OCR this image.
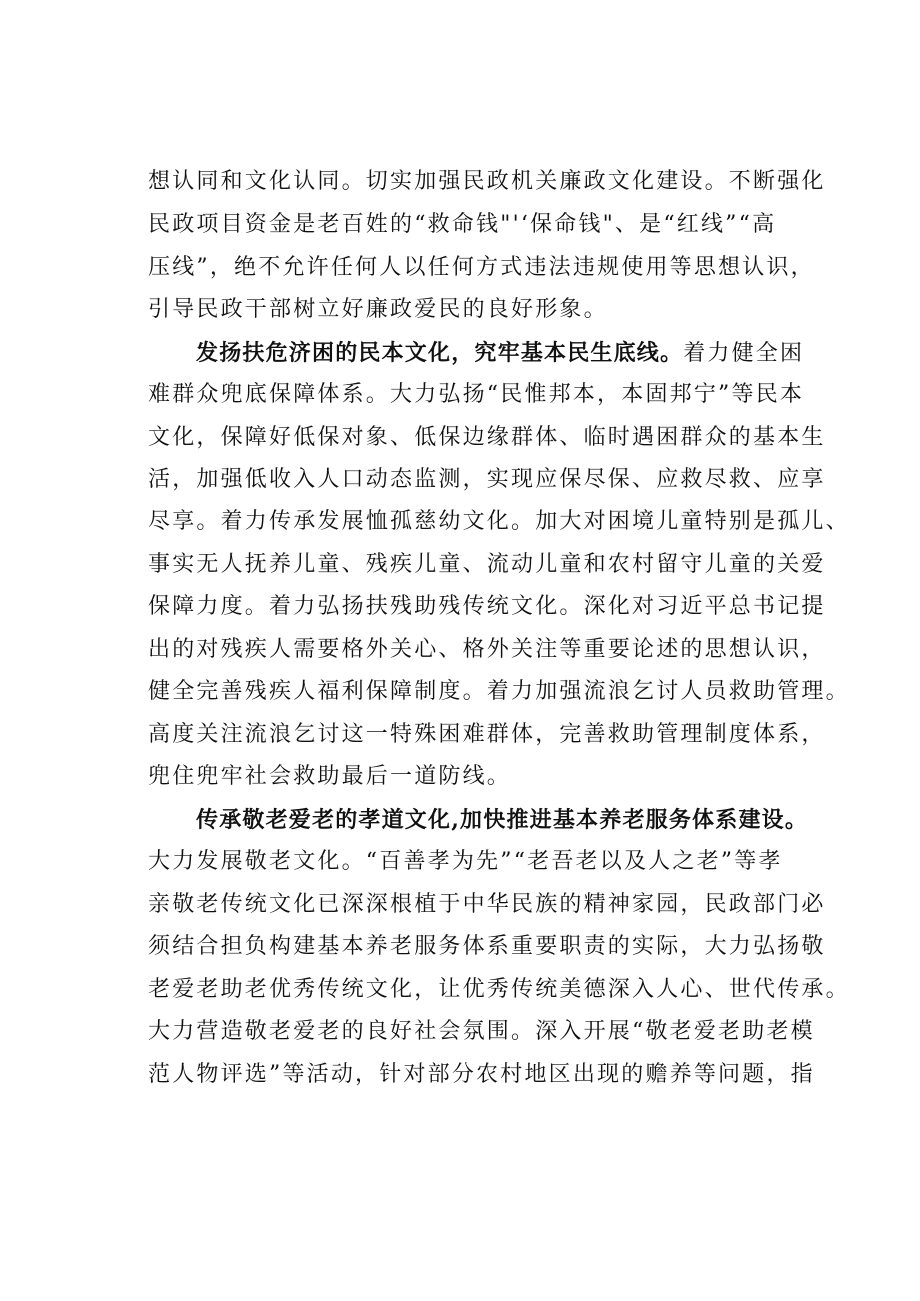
想认同和文化认同。切实加强民政机关廉政文化建设。不断强化
民政项目资金是老百姓的“救命钱"'‘保命钱"、是“红线”“高
压线”，绝不允许任何人以任何方式违法违规使用等思想认识，
引导民政干部树立好廉政爱民的良好形象。
发扬扶危济困的民本文化，究牢基本民生底线。着力健全困
难群众兜底保障体系。大力弘扬“民惟邦本，本固邦宁”等民本
文化，保障好低保对象、低保边缘群体、临时遇困群众的基本生
活，加强低收入人口动态监测，实现应保尽保、应救尽救、应享
尽享。着力传承发展恤孤慈幼文化。加大对困境儿童特别是孤儿、
事实无人抚养儿童、残疾儿童、流动儿童和农村留守儿童的关爱
保障力度。着力弘扬扶残助残传统文化。深化对习近平总书记提
出的对残疾人需要格外关心、格外关注等重要论述的思想认识，
健全完善残疾人福利保障制度。着力加强流浪乞讨人员救助管理。
高度关注流浪乞讨这一特殊困难群体，完善救助管理制度体系，
兜住兜牢社会救助最后一道防线。
传承敬老爱老的孝道文化,加快推进基本养老服务体系建设。
大力发展敬老文化。“百善孝为先”“老吾老以及人之老”等孝
亲敬老传统文化已深深根植于中华民族的精神家园，民政部门必
须结合担负构建基本养老服务体系重要职责的实际，大力弘扬敬
老爱老助老优秀传统文化，让优秀传统美德深入人心、世代传承。
大力营造敬老爱老的良好社会氛围。深入开展“敬老爱老助老模
范人物评选”等活动，针对部分农村地区出现的赡养等问题，指
